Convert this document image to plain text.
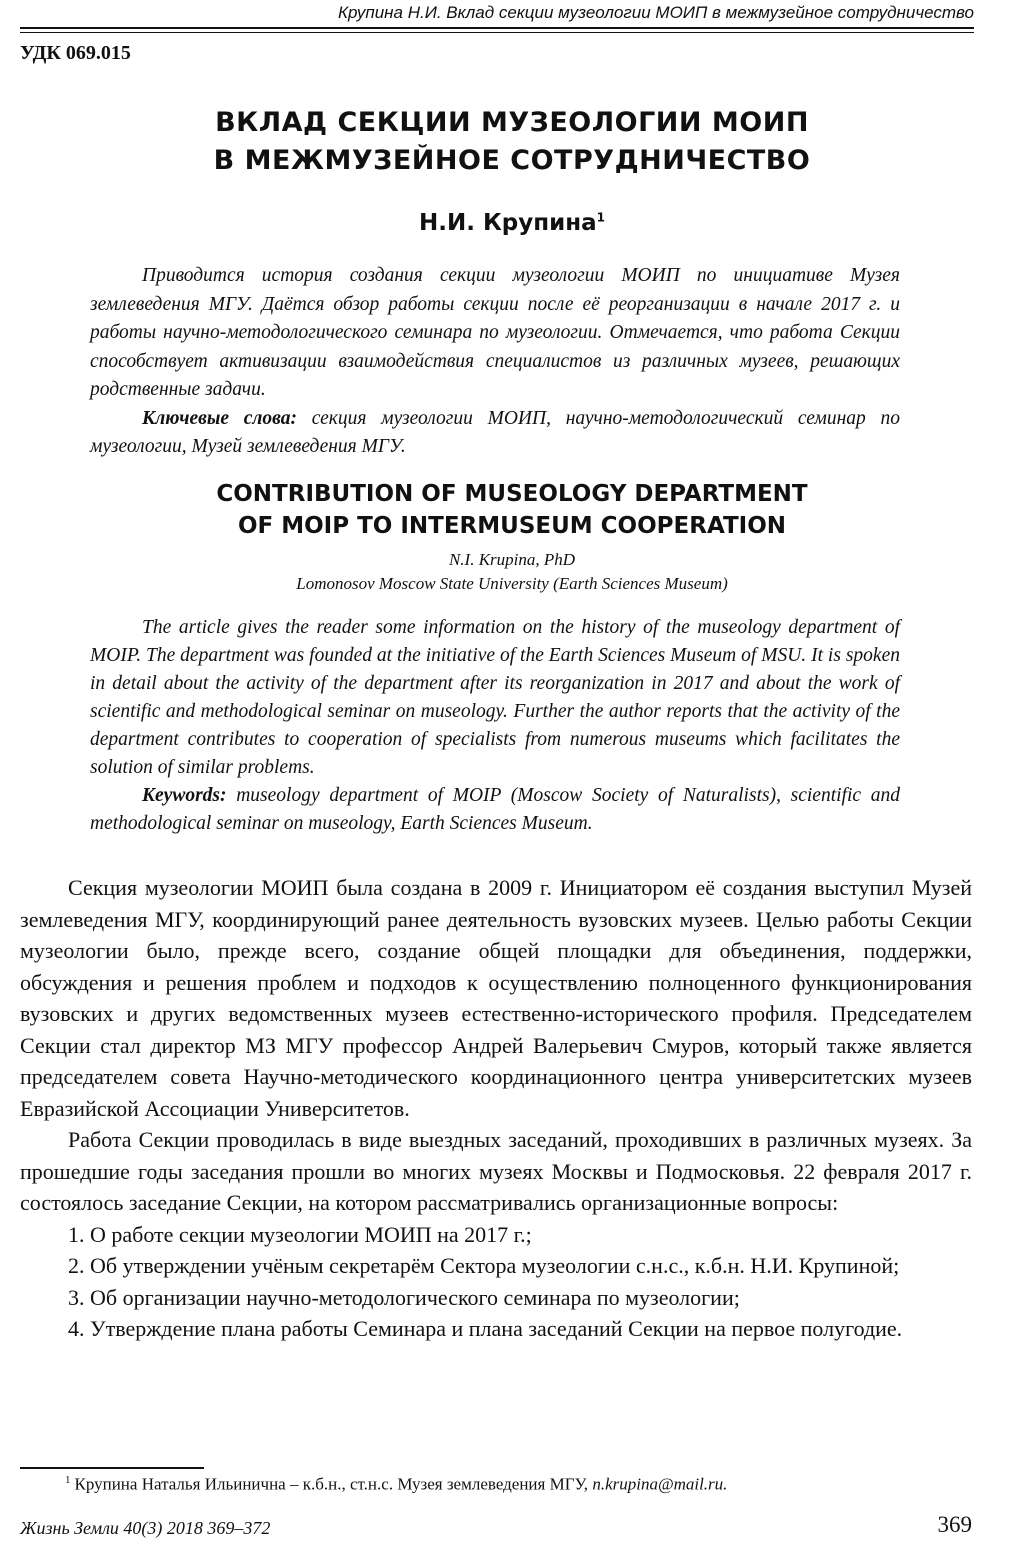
Крупина Н.И. Вклад секции музеологии МОИП в межмузейное сотрудничество
УДК 069.015
ВКЛАД СЕКЦИИ МУЗЕОЛОГИИ МОИП
В МЕЖМУЗЕЙНОЕ СОТРУДНИЧЕСТВО
Н.И. Крупина$^1$

Приводится история создания секции музеологии МОИП по инициативе Музея землеведения МГУ. Даётся обзор работы секции после её реорганизации в начале 2017 г. и работы научно-методологического семинара по музеологии. Отмечается, что работа Секции способствует активизации взаимодействия специалистов из различных музеев, решающих родственные задачи.

Ключевые слова: секция музеологии МОИП, научно-методологический семинар по музеологии, Музей землеведения МГУ.

CONTRIBUTION OF MUSEOLOGY DEPARTMENT
OF MOIP TO INTERMUSEUM COOPERATION
N.I. Krupina, PhD
Lomonosov Moscow State University (Earth Sciences Museum)

The article gives the reader some information on the history of the museology department of MOIP. The department was founded at the initiative of the Earth Sciences Museum of MSU. It is spoken in detail about the activity of the department after its reorganization in 2017 and about the work of scientific and methodological seminar on museology. Further the author reports that the activity of the department contributes to cooperation of specialists from numerous museums which facilitates the solution of similar problems.

Keywords: museology department of MOIP (Moscow Society of Naturalists), scientific and methodological seminar on museology, Earth Sciences Museum.

Секция музеологии МОИП была создана в 2009 г. Инициатором её создания выступил Музей землеведения МГУ, координирующий ранее деятельность вузовских музеев. Целью работы Секции музеологии было, прежде всего, создание общей площадки для объединения, поддержки, обсуждения и решения проблем и подходов к осуществлению полноценного функционирования вузовских и других ведомственных музеев естественно-исторического профиля. Председателем Секции стал директор МЗ МГУ профессор Андрей Валерьевич Смуров, который также является председателем совета Научно-методического координационного центра университетских музеев Евразийской Ассоциации Университетов.

Работа Секции проводилась в виде выездных заседаний, проходивших в различных музеях. За прошедшие годы заседания прошли во многих музеях Москвы и Подмосковья. 22 февраля 2017 г. состоялось заседание Секции, на котором рассматривались организационные вопросы:

1. О работе секции музеологии МОИП на 2017 г.;

2. Об утверждении учёным секретарём Сектора музеологии с.н.с., к.б.н. Н.И. Крупиной;

3. Об организации научно-методологического семинара по музеологии;

4. Утверждение плана работы Семинара и плана заседаний Секции на первое полугодие.

$^1$ Крупина Наталья Ильинична – к.б.н., ст.н.с. Музея землеведения МГУ, n.krupina@mail.ru.
Жизнь Земли 40(3) 2018 369–372	369
